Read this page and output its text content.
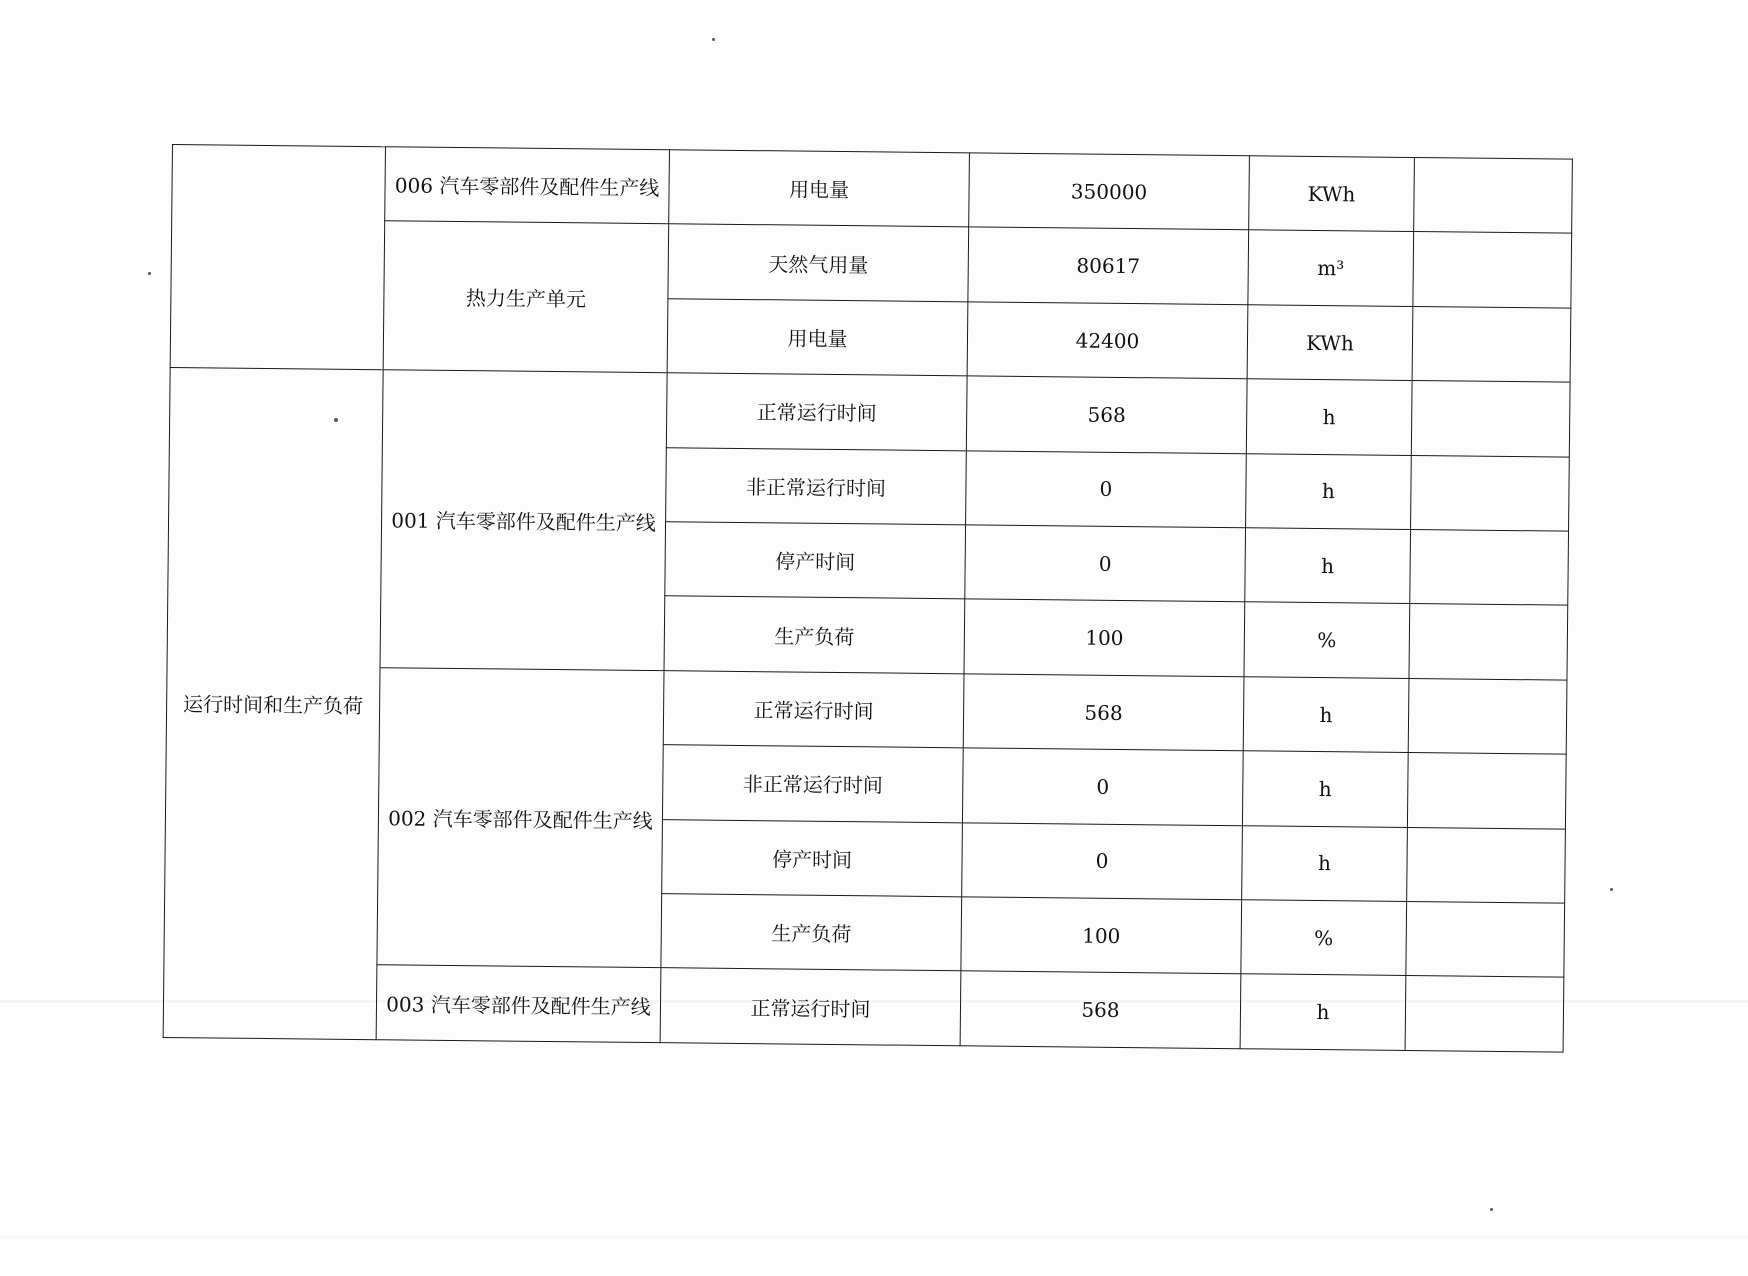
	006 汽车零部件及配件生产线	用电量	350000	KWh	
	热力生产单元	天然气用量	80617	m³	
		用电量	42400	KWh	
运行时间和生产负荷	001 汽车零部件及配件生产线	正常运行时间	568	h	
		非正常运行时间	0	h	
		停产时间	0	h	
		生产负荷	100	%	
	002 汽车零部件及配件生产线	正常运行时间	568	h	
		非正常运行时间	0	h	
		停产时间	0	h	
		生产负荷	100	%	
	003 汽车零部件及配件生产线	正常运行时间	568	h	
